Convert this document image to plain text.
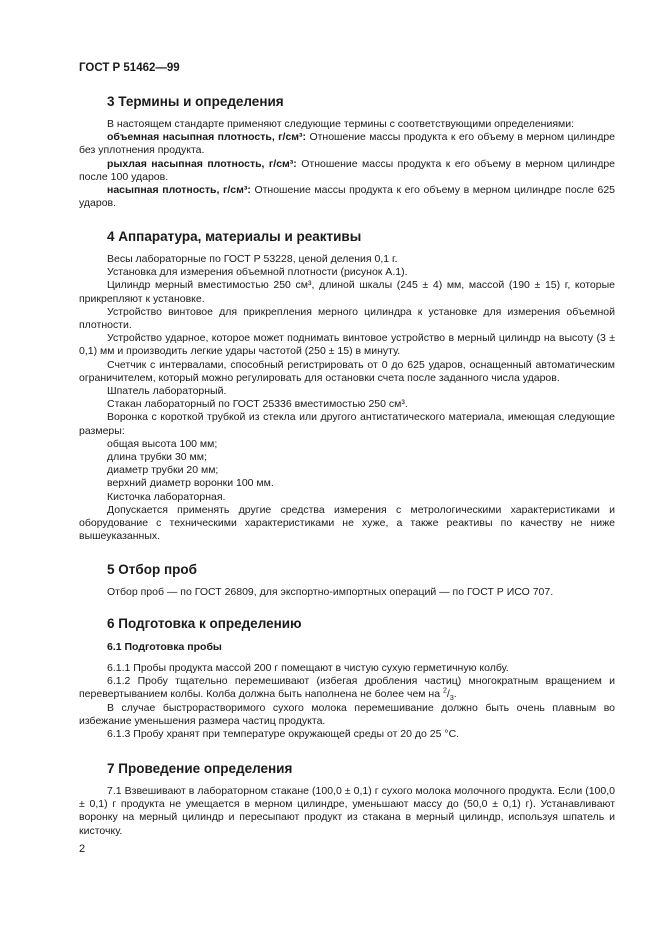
ГОСТ Р 51462—99
3 Термины и определения

В настоящем стандарте применяют следующие термины с соответствующими определениями:

объемная насыпная плотность, г/см³: Отношение массы продукта к его объему в мерном цилиндре без уплотнения продукта.

рыхлая насыпная плотность, г/см³: Отношение массы продукта к его объему в мерном цилиндре после 100 ударов.

насыпная плотность, г/см³: Отношение массы продукта к его объему в мерном цилиндре после 625 ударов.

4 Аппаратура, материалы и реактивы

Весы лабораторные по ГОСТ Р 53228, ценой деления 0,1 г.

Установка для измерения объемной плотности (рисунок А.1).

Цилиндр мерный вместимостью 250 см³, длиной шкалы (245 ± 4) мм, массой (190 ± 15) г, которые прикрепляют к установке.

Устройство винтовое для прикрепления мерного цилиндра к установке для измерения объемной плотности.

Устройство ударное, которое может поднимать винтовое устройство в мерный цилиндр на высоту (3 ± 0,1) мм и производить легкие удары частотой (250 ± 15) в минуту.

Счетчик с интервалами, способный регистрировать от 0 до 625 ударов, оснащенный автоматическим ограничителем, который можно регулировать для остановки счета после заданного числа ударов.

Шпатель лабораторный.

Стакан лабораторный по ГОСТ 25336 вместимостью 250 см³.

Воронка с короткой трубкой из стекла или другого антистатического материала, имеющая следующие размеры:

общая высота 100 мм;

длина трубки 30 мм;

диаметр трубки 20 мм;

верхний диаметр воронки 100 мм.

Кисточка лабораторная.

Допускается применять другие средства измерения с метрологическими характеристиками и оборудование с техническими характеристиками не хуже, а также реактивы по качеству не ниже вышеуказанных.

5 Отбор проб

Отбор проб — по ГОСТ 26809, для экспортно-импортных операций — по ГОСТ Р ИСО 707.

6 Подготовка к определению
6.1 Подготовка пробы

6.1.1 Пробы продукта массой 200 г помещают в чистую сухую герметичную колбу.

6.1.2 Пробу тщательно перемешивают (избегая дробления частиц) многократным вращением и перевертыванием колбы. Колба должна быть наполнена не более чем на $^2/_3$.

В случае быстрорастворимого сухого молока перемешивание должно быть очень плавным во избежание уменьшения размера частиц продукта.

6.1.3 Пробу хранят при температуре окружающей среды от 20 до 25 °С.

7 Проведение определения

7.1 Взвешивают в лабораторном стакане (100,0 ± 0,1) г сухого молока молочного продукта. Если (100,0 ± 0,1) г продукта не умещается в мерном цилиндре, уменьшают массу до (50,0 ± 0,1) г). Устанавливают воронку на мерный цилиндр и пересыпают продукт из стакана в мерный цилиндр, используя шпатель и кисточку.

2
